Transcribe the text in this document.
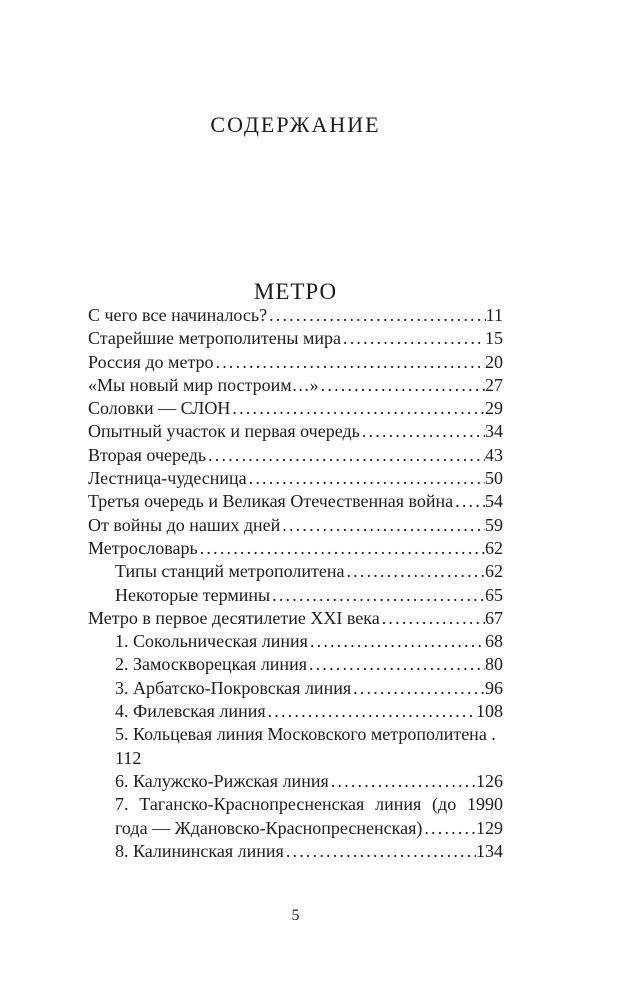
СОДЕРЖАНИЕ
МЕТРО
С чего все начиналось? .....	11
Старейшие метрополитены мира .....	15
Россия до метро .....	20
«Мы новый мир построим…» .....	27
Соловки — СЛОН .....	29
Опытный участок и первая очередь .....	34
Вторая очередь .....	43
Лестница-чудесница .....	50
Третья очередь и Великая Отечественная война ..... 54
От войны до наших дней .....	59
Метрословарь .....	62
Типы станций метрополитена .....	62
Некоторые термины .....	65
Метро в первое десятилетие XXI века .....	67
1. Сокольническая линия .....	68
2. Замоскворецкая линия .....	80
3. Арбатско-Покровская линия .....	96
4. Филевская линия .....	108
5. Кольцевая линия Московского метрополитена .
112
6. Калужско-Рижская линия .....	126
7. Таганско-Краснопресненская линия (до 1990
года — Ждановско-Краснопресненская) .....	129
8. Калининская линия .....	134
5
